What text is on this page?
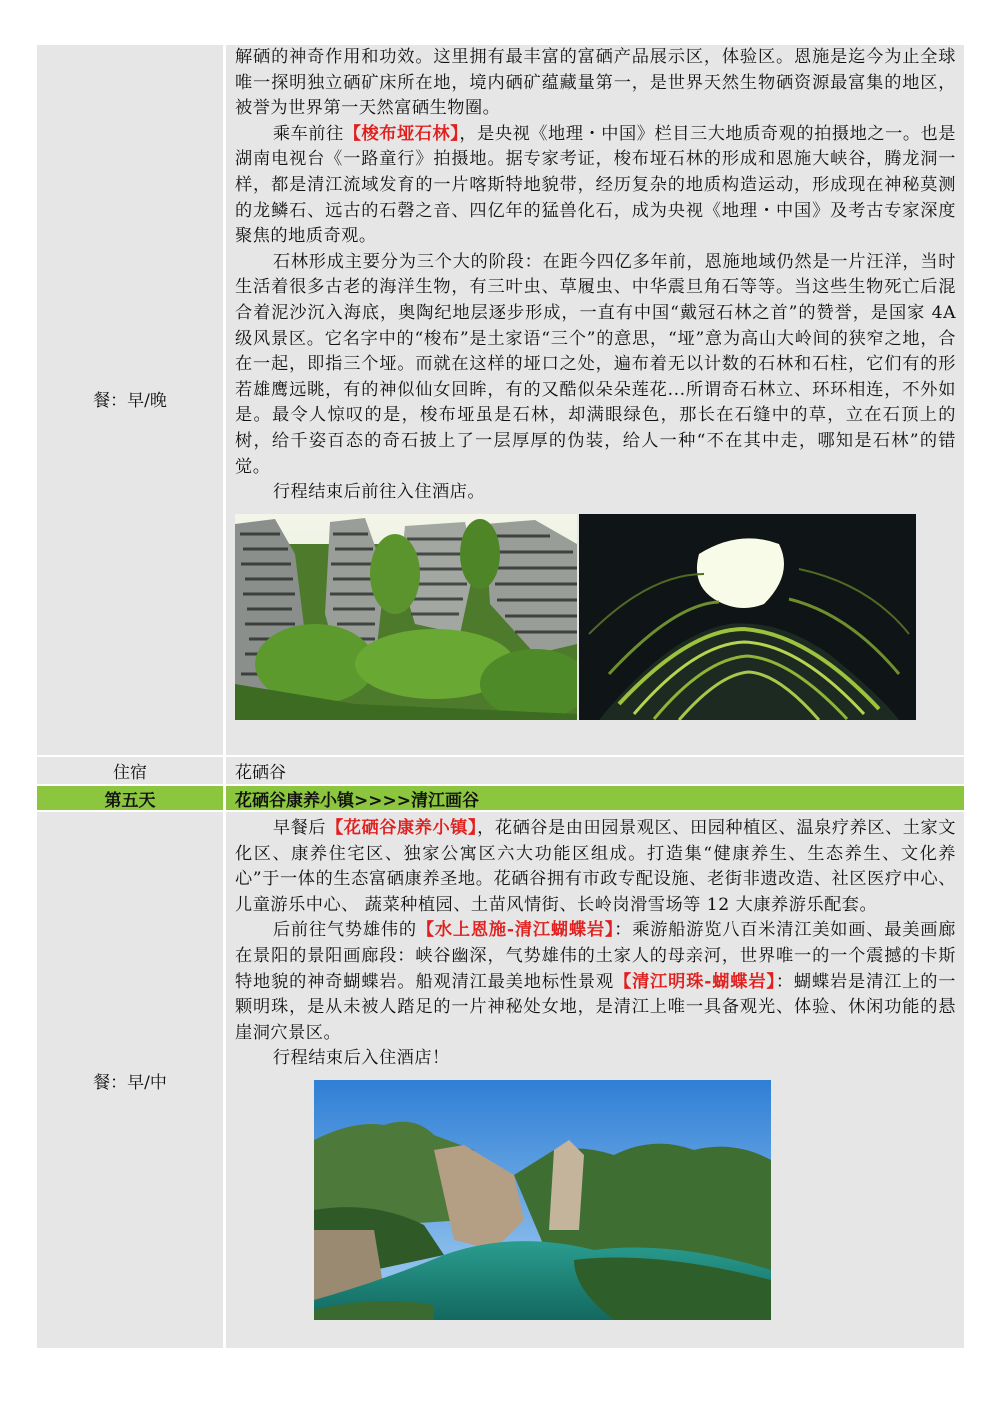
餐：早/晚

解硒的神奇作用和功效。这里拥有最丰富的富硒产品展示区，体验区。恩施是迄今为止全球唯一探明独立硒矿床所在地，境内硒矿蕴藏量第一，是世界天然生物硒资源最富集的地区，被誉为世界第一天然富硒生物圈。

乘车前往【梭布垭石林】，是央视《地理・中国》栏目三大地质奇观的拍摄地之一。也是湖南电视台《一路童行》拍摄地。据专家考证，梭布垭石林的形成和恩施大峡谷，腾龙洞一样，都是清江流域发育的一片喀斯特地貌带，经历复杂的地质构造运动，形成现在神秘莫测的龙鳞石、远古的石磬之音、四亿年的猛兽化石，成为央视《地理・中国》及考古专家深度聚焦的地质奇观。

石林形成主要分为三个大的阶段：在距今四亿多年前，恩施地域仍然是一片汪洋，当时生活着很多古老的海洋生物，有三叶虫、草履虫、中华震旦角石等等。当这些生物死亡后混合着泥沙沉入海底，奥陶纪地层逐步形成，一直有中国“戴冠石林之首”的赞誉，是国家 4A 级风景区。它名字中的“梭布”是土家语“三个”的意思，“垭”意为高山大岭间的狭窄之地，合在一起，即指三个垭。而就在这样的垭口之处，遍布着无以计数的石林和石柱，它们有的形若雄鹰远眺，有的神似仙女回眸，有的又酷似朵朵莲花...所谓奇石林立、环环相连，不外如是。最令人惊叹的是，梭布垭虽是石林，却满眼绿色，那长在石缝中的草，立在石顶上的树，给千姿百态的奇石披上了一层厚厚的伪装，给人一种“不在其中走，哪知是石林”的错觉。

行程结束后前往入住酒店。

住宿	花硒谷
第五天	花硒谷康养小镇>>>>清江画谷
餐：早/中

早餐后【花硒谷康养小镇】，花硒谷是由田园景观区、田园种植区、温泉疗养区、土家文化区、康养住宅区、独家公寓区六大功能区组成。打造集“健康养生、生态养生、文化养心”于一体的生态富硒康养圣地。花硒谷拥有市政专配设施、老街非遗改造、社区医疗中心、儿童游乐中心、 蔬菜种植园、土苗风情街、长岭岗滑雪场等 12 大康养游乐配套。

后前往气势雄伟的【水上恩施-清江蝴蝶岩】：乘游船游览八百米清江美如画、最美画廊在景阳的景阳画廊段：峡谷幽深，气势雄伟的土家人的母亲河，世界唯一的一个震撼的卡斯特地貌的神奇蝴蝶岩。船观清江最美地标性景观【清江明珠-蝴蝶岩】：蝴蝶岩是清江上的一颗明珠，是从未被人踏足的一片神秘处女地，是清江上唯一具备观光、体验、休闲功能的悬崖洞穴景区。

行程结束后入住酒店！
